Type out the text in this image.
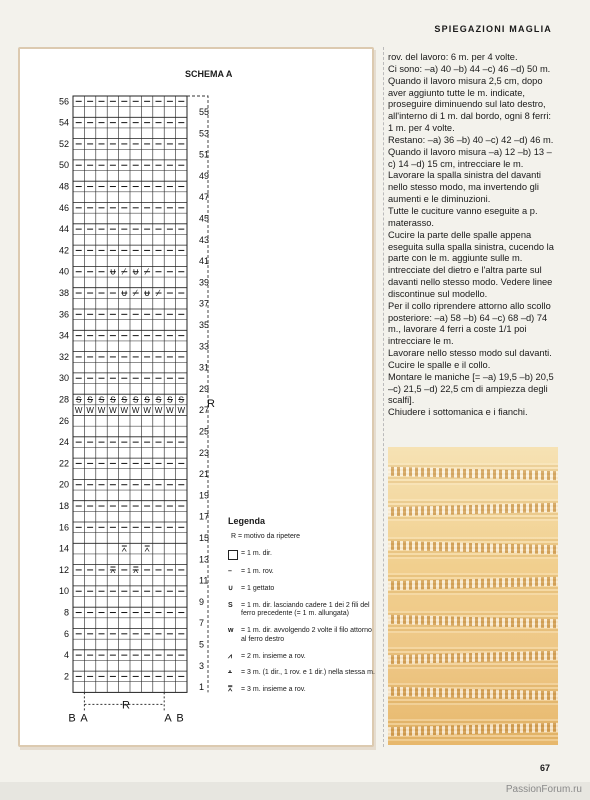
SPIEGAZIONI MAGLIA
SCHEMA A
S S S S S S S S S S
W W W W W W W W W W
∪ ∕ ∪ ∕
∪ ∕ ∪ ∕
⩞ ⩞
⩞ ⩞
56
54
52
50
48
46
44
42
40
38
36
34
32
30
28
26
24
22
20
18
16
14
12
10
8
6
4
2
55
53
51
49
47
45
43
41
39
37
35
33
31
29
27
25
23
21
19
17
15
13
11
9
7
5
3
1
R
B A
R
A B
Legenda
R = motivo da ripetere
= 1 m. dir.
–	= 1 m. rov.
∪	= 1 gettato
S	= 1 m. dir. lasciando cadere 1 dei 2 fili del ferro precedente (= 1 m. allungata)
w	= 1 m. dir. avvolgendo 2 volte il filo attorno al ferro destro
⩘	= 2 m. insieme a rov.
⩡	= 3 m. (1 dir., 1 rov. e 1 dir.) nella stessa m.
⩞	= 3 m. insieme a rov.

rov. del lavoro: 6 m. per 4 volte.

Ci sono: –a) 40 –b) 44 –c) 46 –d) 50 m.

Quando il lavoro misura 2,5 cm, dopo aver aggiunto tutte le m. indicate, proseguire diminuendo sul lato destro, all'interno di 1 m. dal bordo, ogni 8 ferri: 1 m. per 4 volte.

Restano: –a) 36 –b) 40 –c) 42 –d) 46 m.

Quando il lavoro misura –a) 12 –b) 13 –c) 14 –d) 15 cm, intrecciare le m.

Lavorare la spalla sinistra del davanti nello stesso modo, ma invertendo gli aumenti e le diminuzioni.

Tutte le cuciture vanno eseguite a p. materasso.

Cucire la parte delle spalle appena eseguita sulla spalla sinistra, cucendo la parte con le m. aggiunte sulle m. intrecciate del dietro e l'altra parte sul davanti nello stesso modo. Vedere linee discontinue sul modello.

Per il collo riprendere attorno allo scollo posteriore: –a) 58 –b) 64 –c) 68 –d) 74 m., lavorare 4 ferri a coste 1/1 poi intrecciare le m.

Lavorare nello stesso modo sul davanti.

Cucire le spalle e il collo.

Montare le maniche [= –a) 19,5 –b) 20,5 –c) 21,5 –d) 22,5 cm di ampiezza degli scalfi].

Chiudere i sottomanica e i fianchi.

67
PassionForum.ru
